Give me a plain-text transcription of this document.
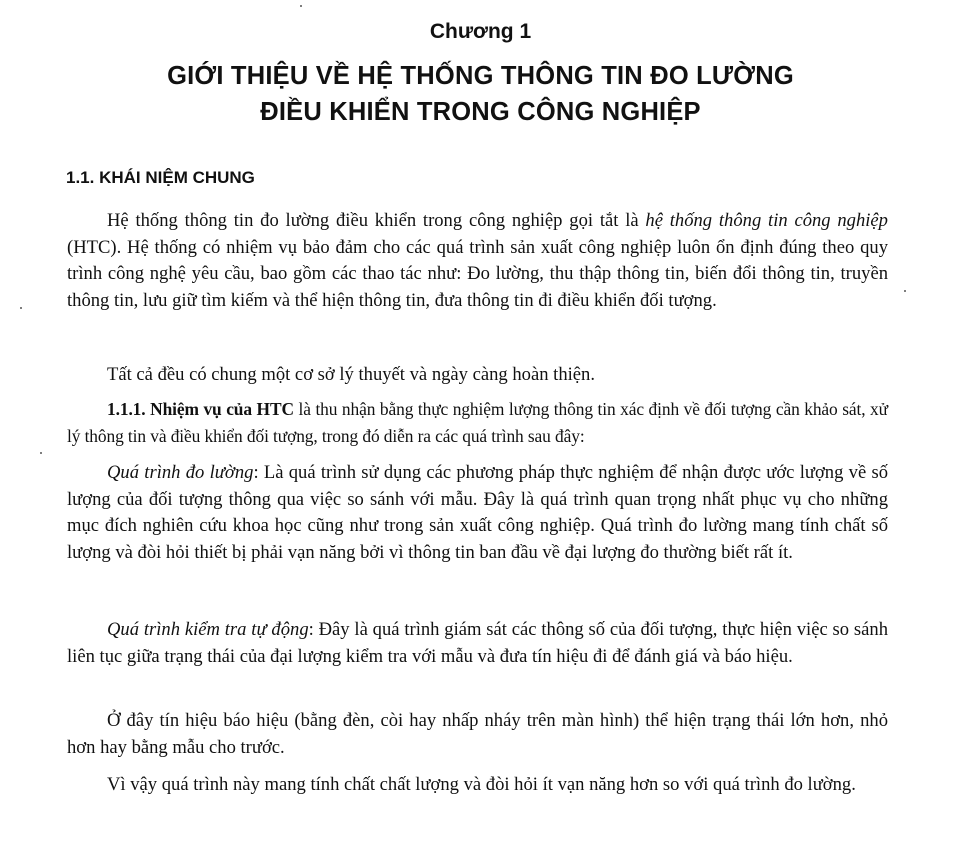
Chương 1
GIỚI THIỆU VỀ HỆ THỐNG THÔNG TIN ĐO LƯỜNG
ĐIỀU KHIỂN TRONG CÔNG NGHIỆP
1.1. KHÁI NIỆM CHUNG

Hệ thống thông tin đo lường điều khiển trong công nghiệp gọi tắt là hệ thống thông tin công nghiệp (HTC). Hệ thống có nhiệm vụ bảo đảm cho các quá trình sản xuất công nghiệp luôn ổn định đúng theo quy trình công nghệ yêu cầu, bao gồm các thao tác như: Đo lường, thu thập thông tin, biến đổi thông tin, truyền thông tin, lưu giữ tìm kiếm và thể hiện thông tin, đưa thông tin đi điều khiển đối tượng.

Tất cả đều có chung một cơ sở lý thuyết và ngày càng hoàn thiện.

1.1.1. Nhiệm vụ của HTC là thu nhận bằng thực nghiệm lượng thông tin xác định về đối tượng cần khảo sát, xử lý thông tin và điều khiển đối tượng, trong đó diễn ra các quá trình sau đây:

Quá trình đo lường: Là quá trình sử dụng các phương pháp thực nghiệm để nhận được ước lượng về số lượng của đối tượng thông qua việc so sánh với mẫu. Đây là quá trình quan trọng nhất phục vụ cho những mục đích nghiên cứu khoa học cũng như trong sản xuất công nghiệp. Quá trình đo lường mang tính chất số lượng và đòi hỏi thiết bị phải vạn năng bởi vì thông tin ban đầu về đại lượng đo thường biết rất ít.

Quá trình kiểm tra tự động: Đây là quá trình giám sát các thông số của đối tượng, thực hiện việc so sánh liên tục giữa trạng thái của đại lượng kiểm tra với mẫu và đưa tín hiệu đi để đánh giá và báo hiệu.

Ở đây tín hiệu báo hiệu (bằng đèn, còi hay nhấp nháy trên màn hình) thể hiện trạng thái lớn hơn, nhỏ hơn hay bằng mẫu cho trước.

Vì vậy quá trình này mang tính chất chất lượng và đòi hỏi ít vạn năng hơn so với quá trình đo lường.
